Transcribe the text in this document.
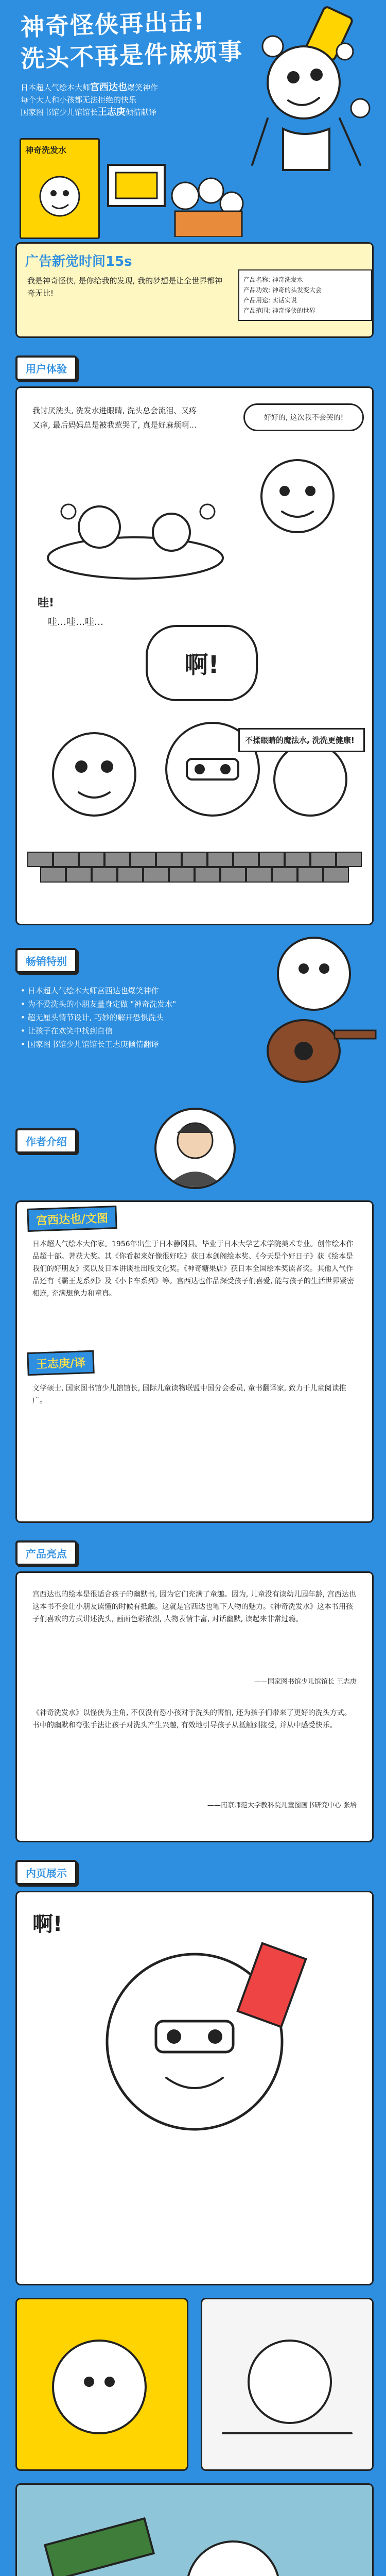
神奇怪侠再出击!
洗头不再是件麻烦事

日本超人气绘本大师宫西达也爆笑神作

每个大人和小孩都无法拒绝的快乐

国家图书馆少儿馆馆长王志庚倾情献译

神奇洗发水
广告新觉时间15s
我是神奇怪侠, 是你给我的发现, 我的梦想是让全世界都神奇无比!
产品名称: 神奇洗发水
产品功效: 神奇的头发变大会
产品用途: 实话实说
产品范围: 神奇怪侠的世界
用户体验
我讨厌洗头, 洗发水进眼睛, 洗头总会流泪、又疼又痒, 最后妈妈总是被我惹哭了, 真是好麻烦啊…
好好的, 这次我不会哭的!
哇!
哇…哇…哇…
啊!
不揉眼睛的魔法水, 洗洗更健康!
畅销特别
• 日本超人气绘本大师宫西达也爆笑神作
• 为不爱洗头的小朋友量身定做 "神奇洗发水"
• 超无厘头情节设计, 巧妙的解开恐惧洗头
• 让孩子在欢笑中找到自信
• 国家图书馆少儿馆馆长王志庚倾情翻译
作者介绍
宫西达也/文图
日本超人气绘本大作家。1956年出生于日本静冈县。毕业于日本大学艺术学院美术专业。创作绘本作品超十部。著获大奖。其《你看起来好像很好吃》获日本剑阁绘本奖、《今天是个好日子》获《绘本是我们的好朋友》奖以及日本讲谈社出版文化奖。《神奇糖果店》获日本全国绘本奖读者奖。其他人气作品还有《霸王龙系列》及《小卡车系列》等。宫西达也作品深受孩子们喜爱, 能与孩子的生活世界紧密相连, 充满想象力和童真。
王志庚/译
文学硕士, 国家图书馆少儿馆馆长, 国际儿童读物联盟中国分会委员, 童书翻译家, 致力于儿童阅读推广。
产品亮点
宫西达也的绘本是很适合孩子的幽默书, 因为它们充满了童趣。因为, 儿童没有读幼儿园年龄, 宫西达也这本书不会让小朋友读懂的时候有抵触。这就是宫西达也笔下人物的魅力。《神奇洗发水》这本书用孩子们喜欢的方式讲述洗头, 画面色彩浓烈, 人物表情丰富, 对话幽默, 读起来非常过瘾。
——国家图书馆少儿馆馆长 王志庚
《神奇洗发水》以怪侠为主角, 不仅没有恐小孩对于洗头的害怕, 还为孩子们带来了更好的洗头方式。书中的幽默和夸张手法让孩子对洗头产生兴趣, 有效地引导孩子从抵触到接受, 并从中感受快乐。
——南京师范大学教科院儿童图画书研究中心 张培
内页展示
啊!
